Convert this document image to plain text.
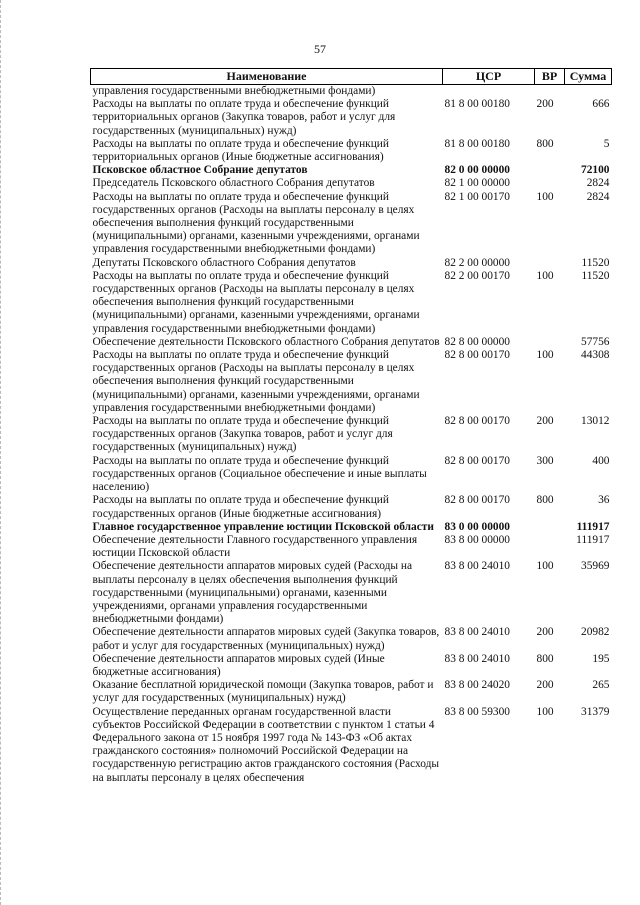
57
Наименование	ЦСР	ВР	Сумма
управления государственными внебюджетными фондами)			
Расходы на выплаты по оплате труда и обеспечение функций территориальных органов (Закупка товаров, работ и услуг для государственных (муниципальных) нужд)	81 8 00 00180	200	666
Расходы на выплаты по оплате труда и обеспечение функций территориальных органов (Иные бюджетные ассигнования)	81 8 00 00180	800	5
Псковское областное Собрание депутатов	82 0 00 00000		72100
Председатель Псковского областного Собрания депутатов	82 1 00 00000		2824
Расходы на выплаты по оплате труда и обеспечение функций государственных органов (Расходы на выплаты персоналу в целях обеспечения выполнения функций государственными (муниципальными) органами, казенными учреждениями, органами управления государственными внебюджетными фондами)	82 1 00 00170	100	2824
Депутаты Псковского областного Собрания депутатов	82 2 00 00000		11520
Расходы на выплаты по оплате труда и обеспечение функций государственных органов (Расходы на выплаты персоналу в целях обеспечения выполнения функций государственными (муниципальными) органами, казенными учреждениями, органами управления государственными внебюджетными фондами)	82 2 00 00170	100	11520
Обеспечение деятельности Псковского областного Собрания депутатов	82 8 00 00000		57756
Расходы на выплаты по оплате труда и обеспечение функций государственных органов (Расходы на выплаты персоналу в целях обеспечения выполнения функций государственными (муниципальными) органами, казенными учреждениями, органами управления государственными внебюджетными фондами)	82 8 00 00170	100	44308
Расходы на выплаты по оплате труда и обеспечение функций государственных органов (Закупка товаров, работ и услуг для государственных (муниципальных) нужд)	82 8 00 00170	200	13012
Расходы на выплаты по оплате труда и обеспечение функций государственных органов (Социальное обеспечение и иные выплаты населению)	82 8 00 00170	300	400
Расходы на выплаты по оплате труда и обеспечение функций государственных органов (Иные бюджетные ассигнования)	82 8 00 00170	800	36
Главное государственное управление юстиции Псковской области	83 0 00 00000		111917
Обеспечение деятельности Главного государственного управления юстиции Псковской области	83 8 00 00000		111917
Обеспечение деятельности аппаратов мировых судей (Расходы на выплаты персоналу в целях обеспечения выполнения функций государственными (муниципальными) органами, казенными учреждениями, органами управления государственными внебюджетными фондами)	83 8 00 24010	100	35969
Обеспечение деятельности аппаратов мировых судей (Закупка товаров, работ и услуг для государственных (муниципальных) нужд)	83 8 00 24010	200	20982
Обеспечение деятельности аппаратов мировых судей (Иные бюджетные ассигнования)	83 8 00 24010	800	195
Оказание бесплатной юридической помощи (Закупка товаров, работ и услуг для государственных (муниципальных) нужд)	83 8 00 24020	200	265
Осуществление переданных органам государственной власти субъектов Российской Федерации в соответствии с пунктом 1 статьи 4 Федерального закона от 15 ноября 1997 года № 143-ФЗ «Об актах гражданского состояния» полномочий Российской Федерации на государственную регистрацию актов гражданского состояния (Расходы на выплаты персоналу в целях обеспечения	83 8 00 59300	100	31379
